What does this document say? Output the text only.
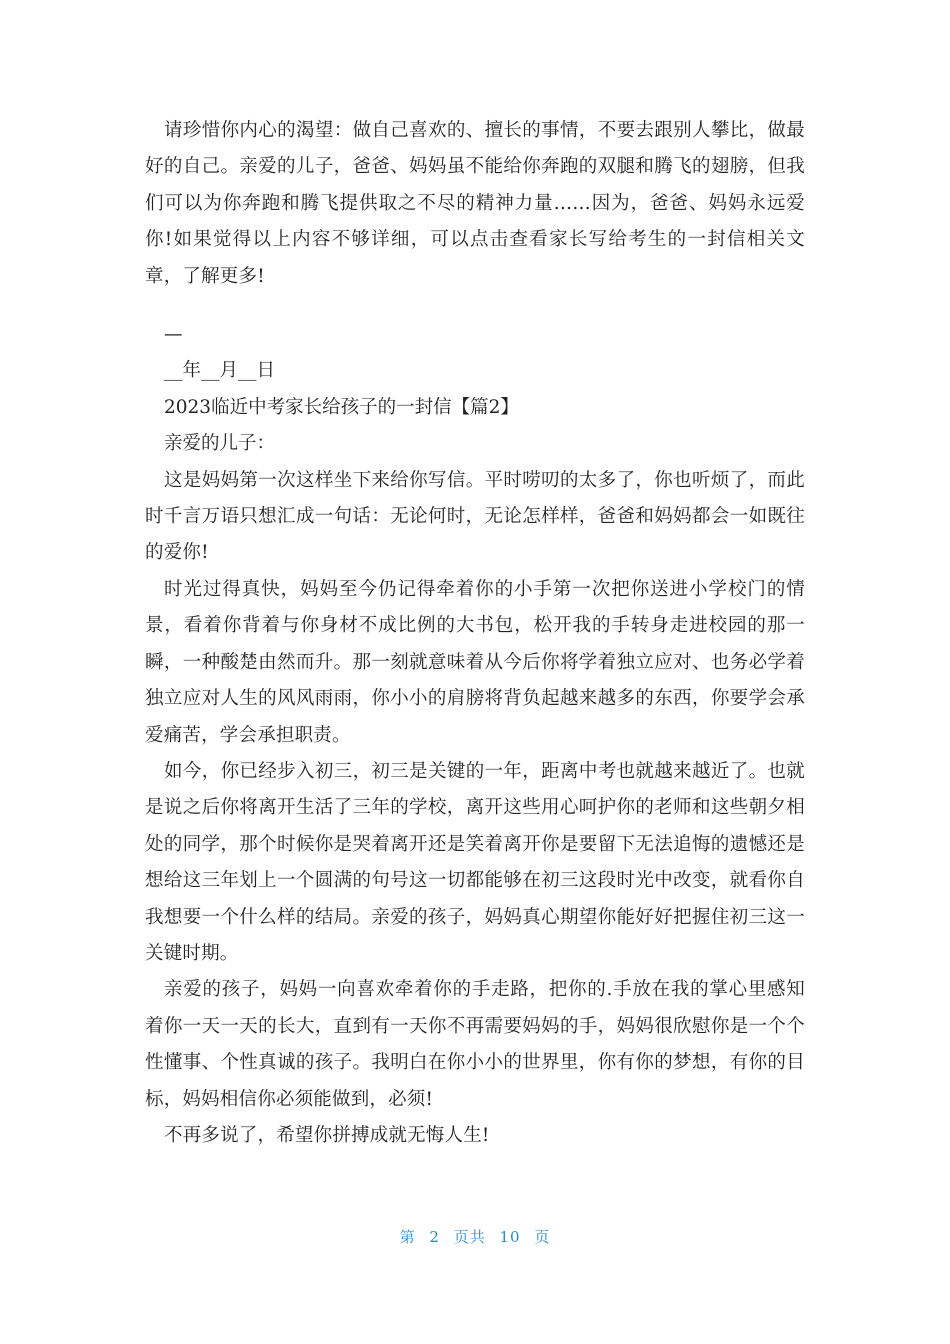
请珍惜你内心的渴望：做自己喜欢的、擅长的事情，不要去跟别人攀比，做最好的自己。亲爱的儿子，爸爸、妈妈虽不能给你奔跑的双腿和腾飞的翅膀，但我们可以为你奔跑和腾飞提供取之不尽的精神力量……因为，爸爸、妈妈永远爱你!如果觉得以上内容不够详细，可以点击查看家长写给考生的一封信相关文章，了解更多!

—

__年__月__日

2023临近中考家长给孩子的一封信【篇2】

亲爱的儿子：

这是妈妈第一次这样坐下来给你写信。平时唠叨的太多了，你也听烦了，而此时千言万语只想汇成一句话：无论何时，无论怎样样，爸爸和妈妈都会一如既往的爱你!

时光过得真快，妈妈至今仍记得牵着你的小手第一次把你送进小学校门的情景，看着你背着与你身材不成比例的大书包，松开我的手转身走进校园的那一瞬，一种酸楚由然而升。那一刻就意味着从今后你将学着独立应对、也务必学着独立应对人生的风风雨雨，你小小的肩膀将背负起越来越多的东西，你要学会承爱痛苦，学会承担职责。

如今，你已经步入初三，初三是关键的一年，距离中考也就越来越近了。也就是说之后你将离开生活了三年的学校，离开这些用心呵护你的老师和这些朝夕相处的同学，那个时候你是哭着离开还是笑着离开你是要留下无法追悔的遗憾还是想给这三年划上一个圆满的句号这一切都能够在初三这段时光中改变，就看你自我想要一个什么样的结局。亲爱的孩子，妈妈真心期望你能好好把握住初三这一关键时期。

亲爱的孩子，妈妈一向喜欢牵着你的手走路，把你的.手放在我的掌心里感知着你一天一天的长大，直到有一天你不再需要妈妈的手，妈妈很欣慰你是一个个性懂事、个性真诚的孩子。我明白在你小小的世界里，你有你的梦想，有你的目标，妈妈相信你必须能做到，必须!

不再多说了，希望你拼搏成就无悔人生!

第 2 页共 10 页
